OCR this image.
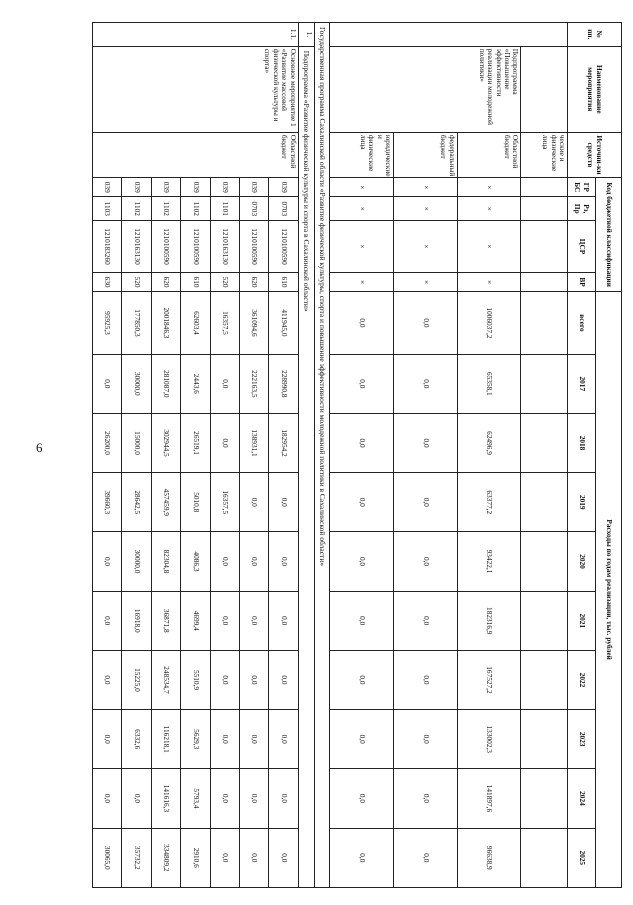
6
№ пп.	Наименование мероприятия	Источни-ки средств	Код бюджетной классификации				Расходы по годам реализации, тыс. рублей									
			ГР БС	Рз, Пр	ЦСР	ВР	всего	2017	2018	2019	2020	2021	2022	2023	2024	2025

		ческие и физические лица														
	Подпрограмма «Повышение эффективности реализации молодежной политики»	Областной бюджет	×	×	×	×	1006037,2	65358,1	62496,9	63377,2	93422,1	182316,9	167527,2	133002,3	141897,6	96638,9
		федеральный бюджет	×	×	×	×	0,0	0,0	0,0	0,0	0,0	0,0	0,0	0,0	0,0	0,0
		юридические и физические лица	×	×	×	×	0,0	0,0	0,0	0,0	0,0	0,0	0,0	0,0	0,0	0,0
Государственная программа Сахалинской области «Развитие физической культуры, спорта и повышение эффективности молодежной политики в Сахалинской области»																
1.	Подпрограмма «Развитие физической культуры и спорта в Сахалинской области»															
1.1.	Основное мероприятие 1 «Развитие массовой физической культуры и спорта»	Областной бюджет	039	0703	1210100590	610	411945,0	228990,8	182954,2	0,0	0,0	0,0	0,0	0,0	0,0	0,0
			039	0703	1210100590	620	361094,6	222163,5	138931,1	0,0	0,0	0,0	0,0	0,0	0,0	0,0
			039	1101	1210163130	520	16357,5	0,0	0,0	16357,5	0,0	0,0	0,0	0,0	0,0	0,0
			039	1102	1210100590	610	62603,4	2443,6	26519,1	5010,8	4086,3	4699,4	5510,9	5629,3	5793,4	2910,6
			039	1102	1210100590	620	2001846,3	281087,0	302944,5	457459,9	82304,8	36871,8	248534,7	116218,1	141616,3	334809,2
			039	1102	1210163130	520	177850,3	30000,0	15000,0	28642,5	30000,0	16918,0	15225,0	6332,6	0,0	35732,2
			039	1103	1210183260	630	95925,3	0,0	26200,0	39660,3	0,0	0,0	0,0	0,0	0,0	30065,0
